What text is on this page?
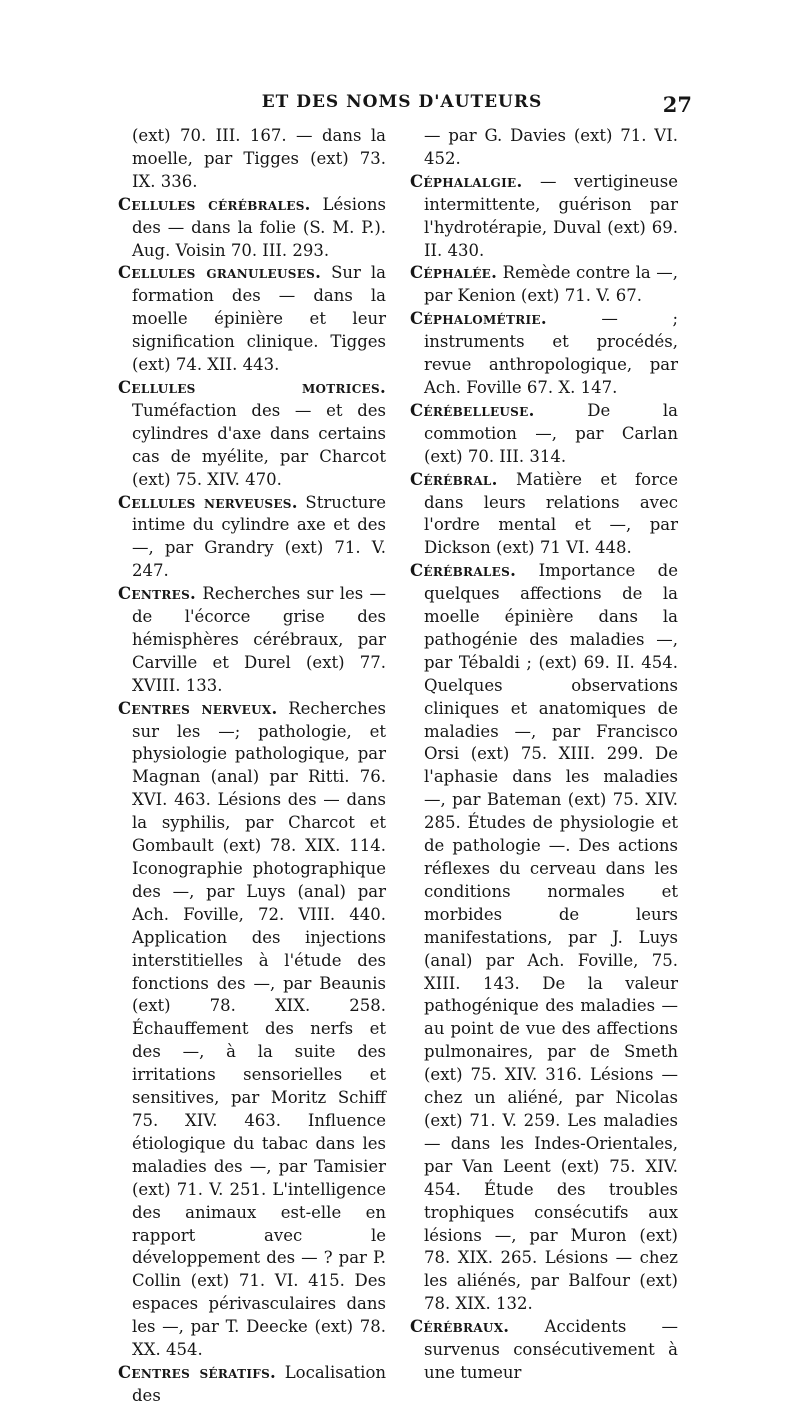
ET DES NOMS D'AUTEURS	27

(ext) 70. III. 167. — dans la moelle, par Tigges (ext) 73. IX. 336.

Cellules cérébrales. Lésions des — dans la folie (S. M. P.). Aug. Voisin 70. III. 293.

Cellules granuleuses. Sur la formation des — dans la moelle épinière et leur signification clinique. Tigges (ext) 74. XII. 443.

Cellules motrices. Tuméfaction des — et des cylindres d'axe dans certains cas de myélite, par Charcot (ext) 75. XIV. 470.

Cellules nerveuses. Structure intime du cylindre axe et des —, par Grandry (ext) 71. V. 247.

Centres. Recherches sur les — de l'écorce grise des hémisphères cérébraux, par Carville et Durel (ext) 77. XVIII. 133.

Centres nerveux. Recherches sur les —; pathologie, et physiologie pathologique, par Magnan (anal) par Ritti. 76. XVI. 463. Lésions des — dans la syphilis, par Charcot et Gombault (ext) 78. XIX. 114. Iconographie photographique des —, par Luys (anal) par Ach. Foville, 72. VIII. 440. Application des injections interstitielles à l'étude des fonctions des —, par Beaunis (ext) 78. XIX. 258. Échauffement des nerfs et des —, à la suite des irritations sensorielles et sensitives, par Moritz Schiff 75. XIV. 463. Influence étiologique du tabac dans les maladies des —, par Tamisier (ext) 71. V. 251. L'intelligence des animaux est-elle en rapport avec le développement des — ? par P. Collin (ext) 71. VI. 415. Des espaces périvasculaires dans les —, par T. Deecke (ext) 78. XX. 454.

Centres sératifs. Localisation des

— par G. Davies (ext) 71. VI. 452.

Céphalalgie. — vertigineuse intermittente, guérison par l'hydrotérapie, Duval (ext) 69. II. 430.

Céphalée. Remède contre la —, par Kenion (ext) 71. V. 67.

Céphalométrie.	— ; instruments et procédés, revue anthropologique, par Ach. Foville 67. X. 147.

Cérébelleuse.	De la commotion —, par Carlan (ext) 70. III. 314.

Cérébral. Matière et force dans leurs relations avec l'ordre mental et —, par Dickson (ext) 71 VI. 448.

Cérébrales. Importance de quelques affections de la moelle épinière dans la pathogénie des maladies —, par Tébaldi ; (ext) 69. II. 454. Quelques observations cliniques et anatomiques de maladies —, par Francisco Orsi (ext) 75. XIII. 299. De l'aphasie dans les maladies —, par Bateman (ext) 75. XIV. 285. Études de physiologie et de pathologie —. Des actions réflexes du cerveau dans les conditions normales et morbides de leurs manifestations, par J. Luys (anal) par Ach. Foville, 75. XIII. 143. De la valeur pathogénique des maladies — au point de vue des affections pulmonaires, par de Smeth (ext) 75. XIV. 316. Lésions — chez un aliéné, par Nicolas (ext) 71. V. 259. Les maladies — dans les Indes-Orientales, par Van Leent (ext) 75. XIV. 454. Étude des troubles trophiques consécutifs aux lésions —, par Muron (ext) 78. XIX. 265. Lésions — chez les aliénés, par Balfour (ext) 78. XIX. 132.

Cérébraux. Accidents — survenus consécutivement à une tumeur
